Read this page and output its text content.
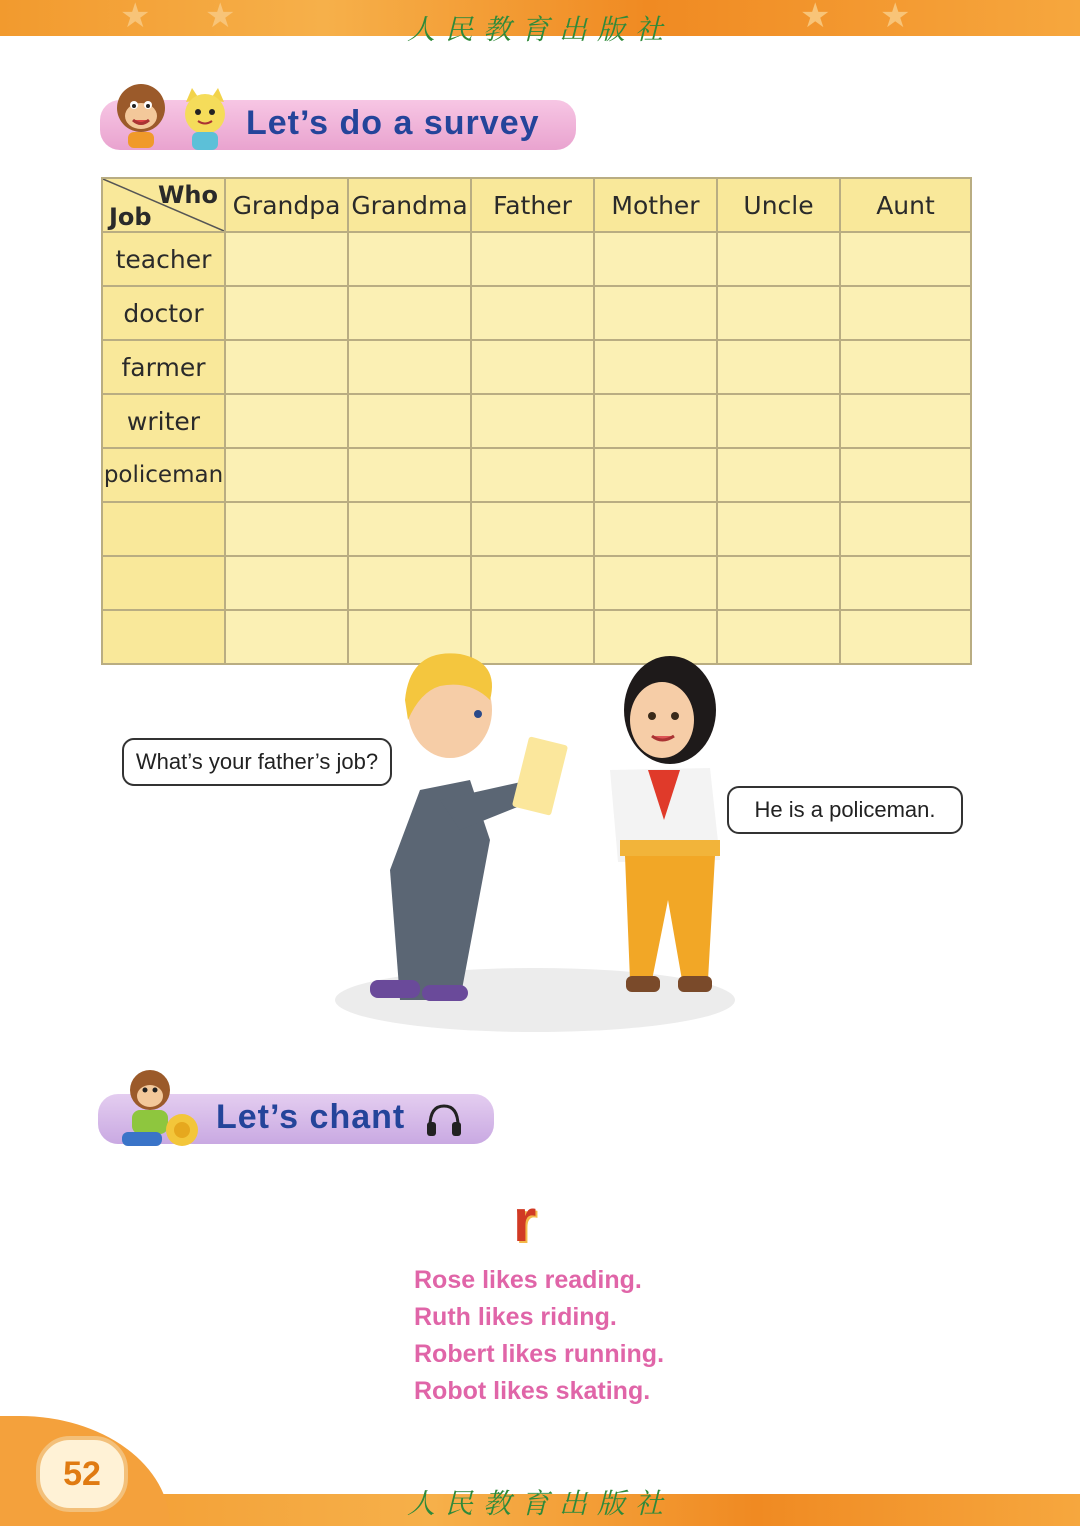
★ ★	★ ★
人民教育出版社
Let’s do a survey
Who
Job	Grandpa	Grandma	Father	Mother	Uncle	Aunt
teacher						
doctor						
farmer						
writer						
policeman						

What’s your father’s job?
He is a policeman.
Let’s chant
r
Rose likes reading.
Ruth likes riding.
Robert likes running.
Robot likes skating.
52
人民教育出版社
